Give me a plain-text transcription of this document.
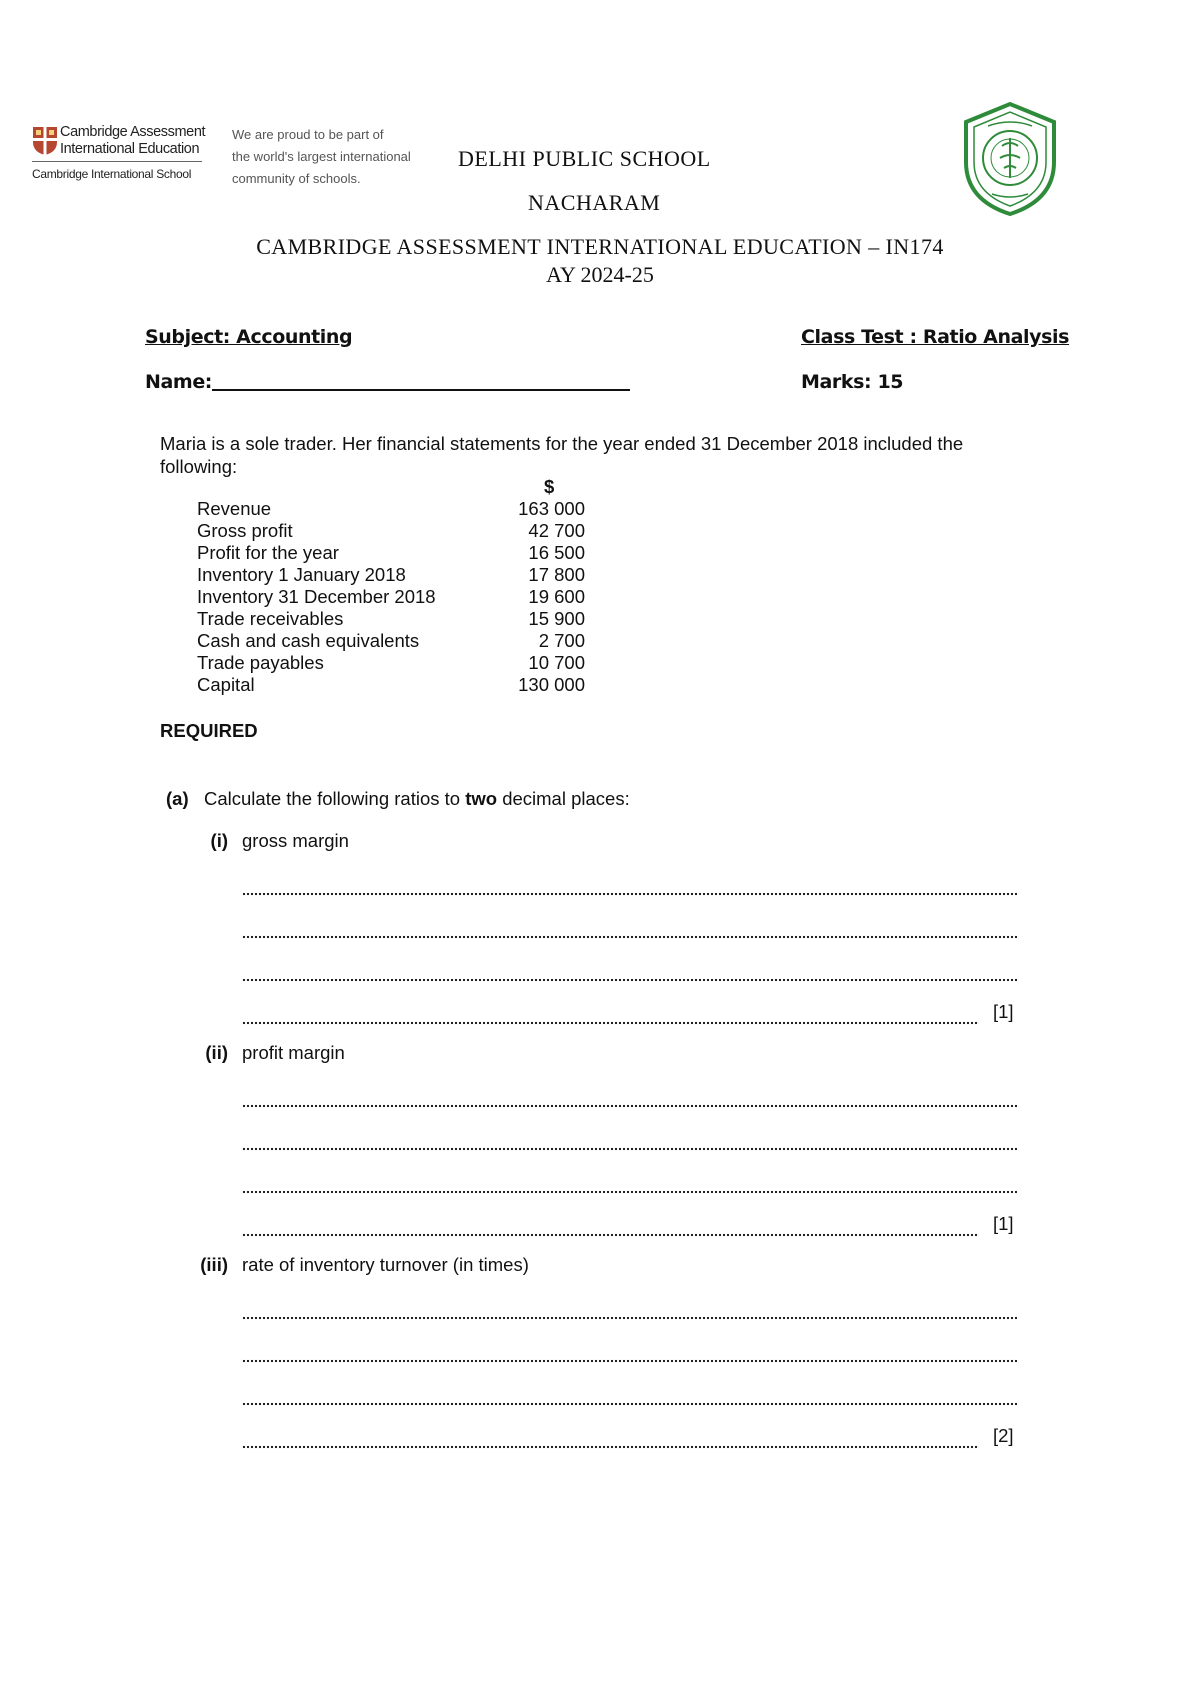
Cambridge Assessment
International Education
Cambridge International School
We are proud to be part of
the world's largest international
community of schools.
DELHI PUBLIC SCHOOL
NACHARAM
CAMBRIDGE ASSESSMENT INTERNATIONAL EDUCATION – IN174
AY 2024-25
Subject: Accounting	Class Test : Ratio Analysis
Name:	Marks: 15
Maria is a sole trader. Her financial statements for the year ended 31 December 2018 included the following:
$
Revenue	163 000
Gross profit	42 700
Profit for the year	16 500
Inventory 1 January 2018	17 800
Inventory 31 December 2018	19 600
Trade receivables	15 900
Cash and cash equivalents	2 700
Trade payables	10 700
Capital	130 000
REQUIRED
(a) Calculate the following ratios to two decimal places:
(i) gross margin
[1]
(ii) profit margin
[1]
(iii) rate of inventory turnover (in times)
[2]
